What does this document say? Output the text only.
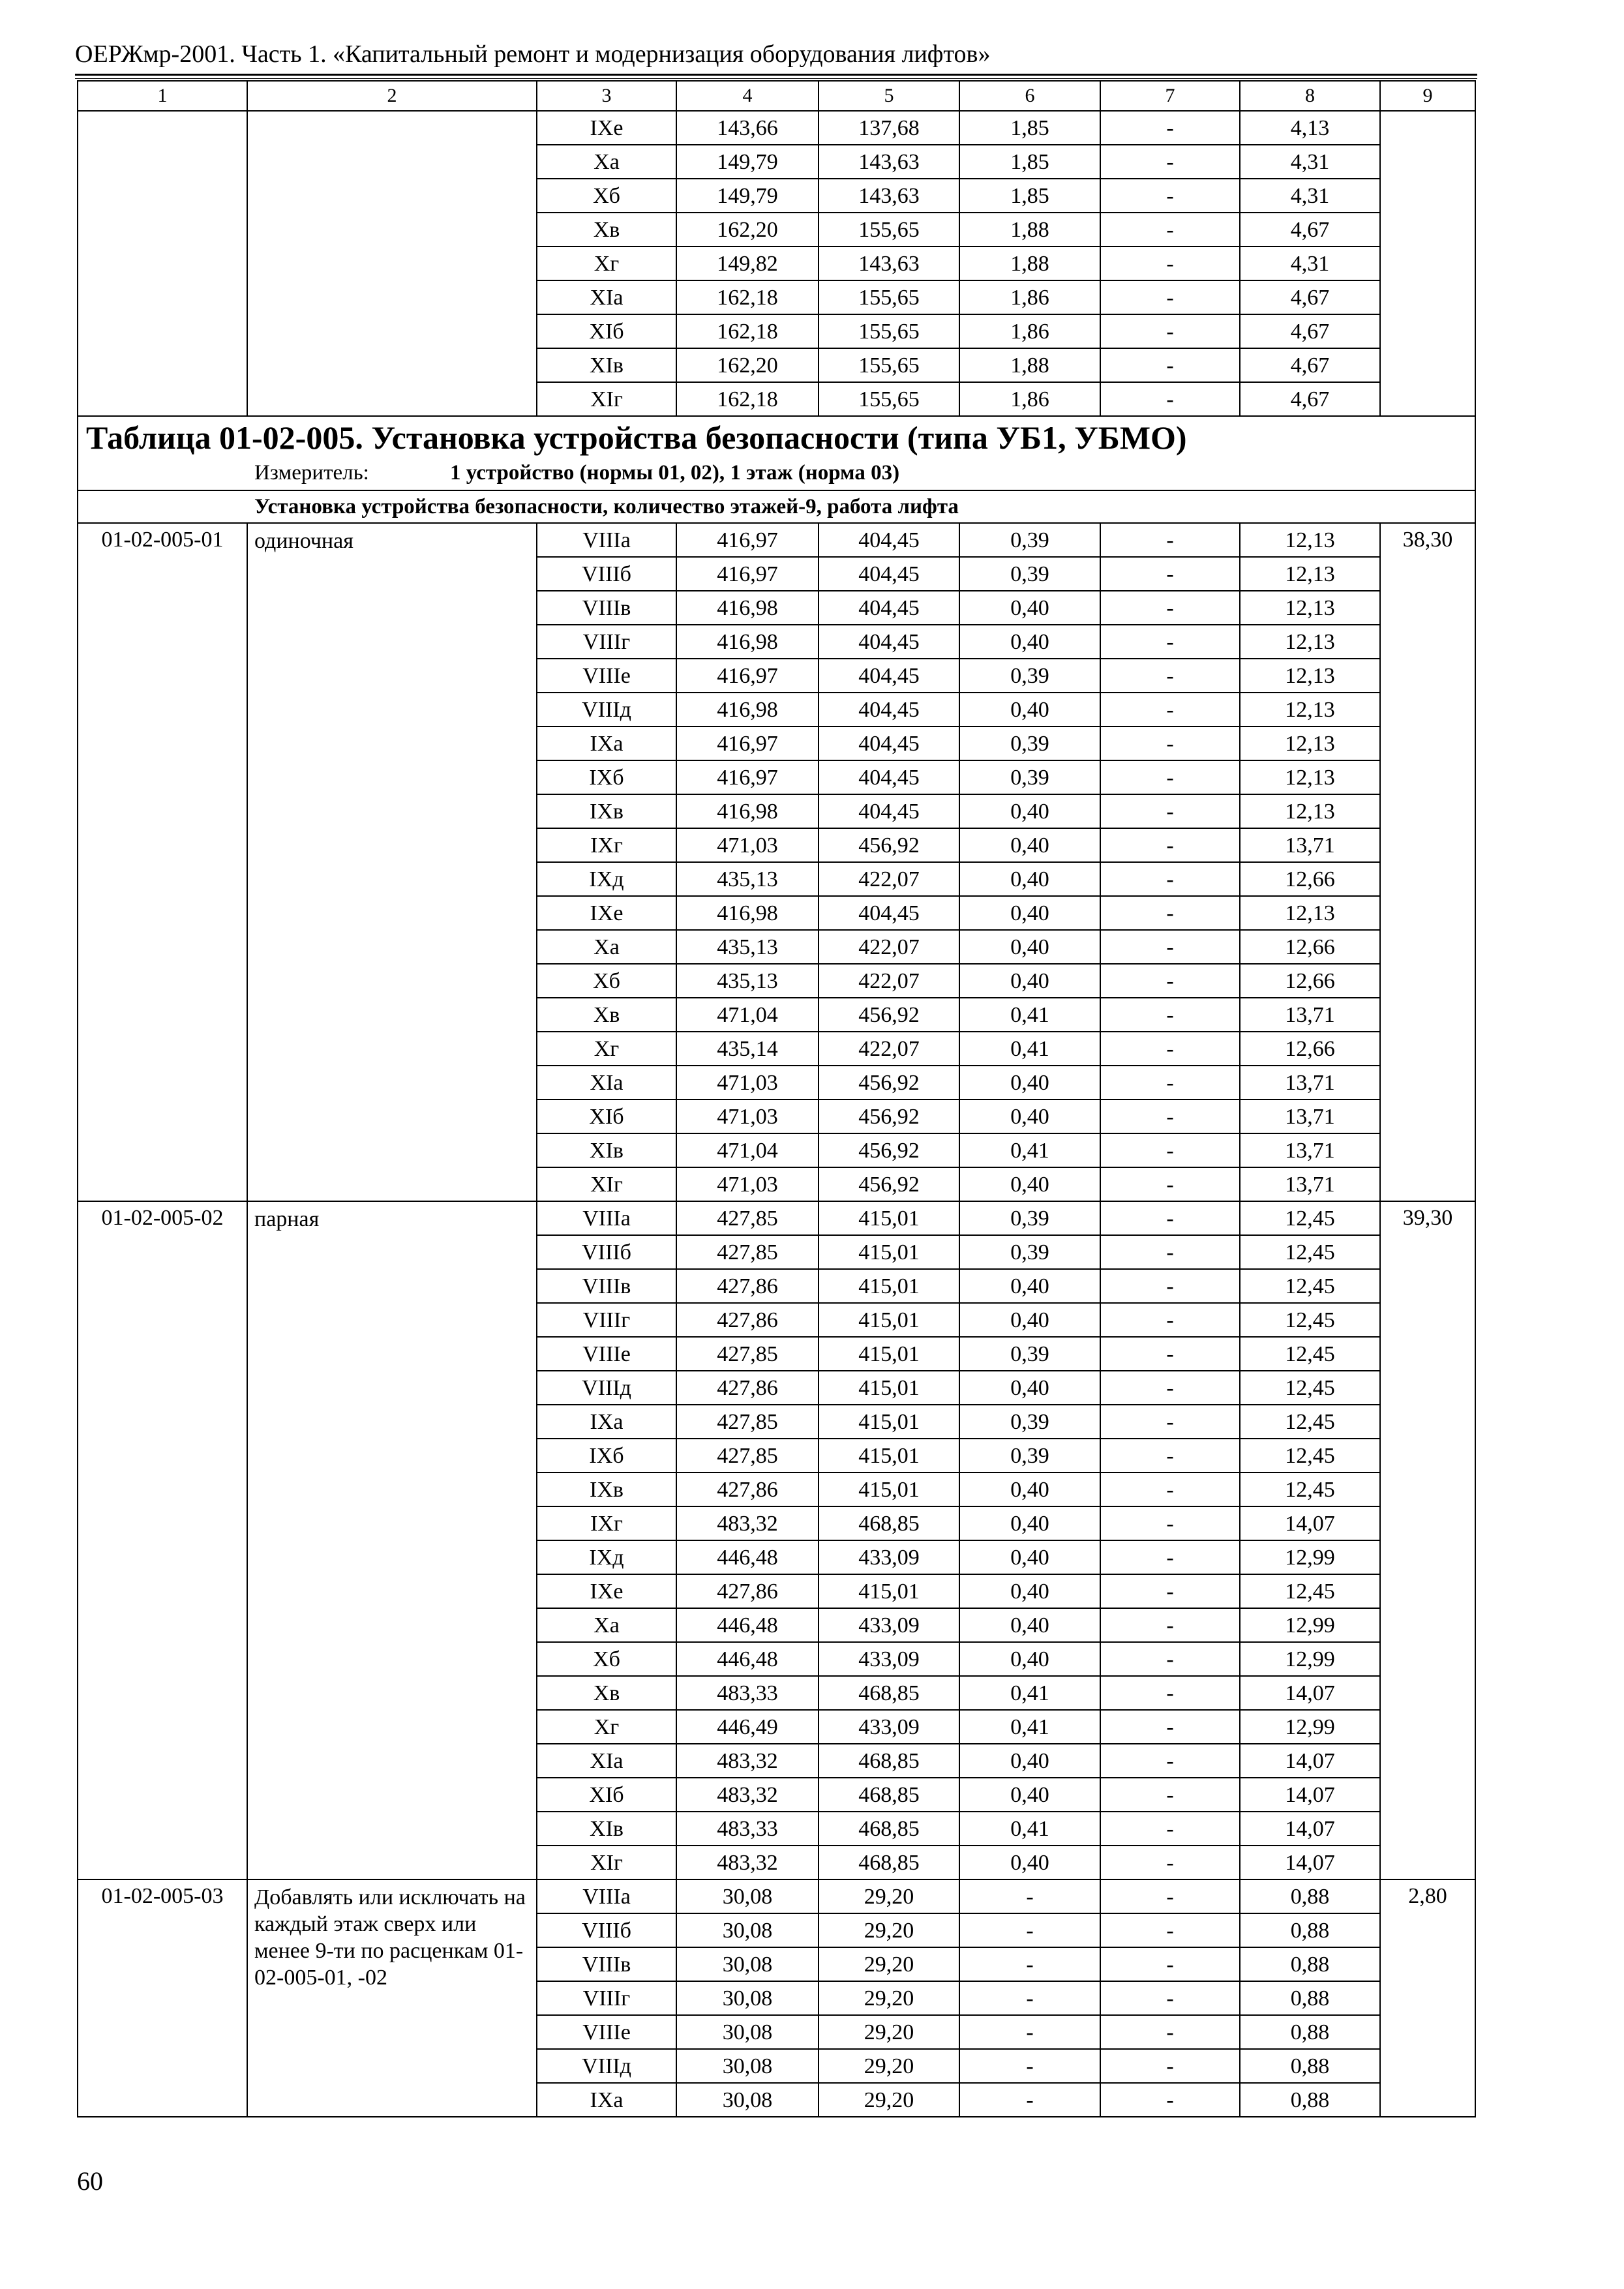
ОЕРЖмр-2001. Часть 1. «Капитальный ремонт и модернизация оборудования лифтов»
1	2	3	4	5	6	7	8	9
		IXе	143,66	137,68	1,85	-	4,13	
		Xа	149,79	143,63	1,85	-	4,31	
		Xб	149,79	143,63	1,85	-	4,31	
		Xв	162,20	155,65	1,88	-	4,67	
		Xг	149,82	143,63	1,88	-	4,31	
		XIа	162,18	155,65	1,86	-	4,67	
		XIб	162,18	155,65	1,86	-	4,67	
		XIв	162,20	155,65	1,88	-	4,67	
		XIг	162,18	155,65	1,86	-	4,67	

Таблица 01-02-005. Установка устройства безопасности (типа УБ1, УБМО)
Измеритель: 1 устройство (нормы 01, 02), 1 этаж (норма 03)								

Установка устройства безопасности, количество этажей-9, работа лифта								
01-02-005-01	одиночная	VIIIа	416,97	404,45	0,39	-	12,13	38,30
		VIIIб	416,97	404,45	0,39	-	12,13	
		VIIIв	416,98	404,45	0,40	-	12,13	
		VIIIг	416,98	404,45	0,40	-	12,13	
		VIIIе	416,97	404,45	0,39	-	12,13	
		VIIIд	416,98	404,45	0,40	-	12,13	
		IXа	416,97	404,45	0,39	-	12,13	
		IXб	416,97	404,45	0,39	-	12,13	
		IXв	416,98	404,45	0,40	-	12,13	
		IXг	471,03	456,92	0,40	-	13,71	
		IXд	435,13	422,07	0,40	-	12,66	
		IXе	416,98	404,45	0,40	-	12,13	
		Xа	435,13	422,07	0,40	-	12,66	
		Xб	435,13	422,07	0,40	-	12,66	
		Xв	471,04	456,92	0,41	-	13,71	
		Xг	435,14	422,07	0,41	-	12,66	
		XIа	471,03	456,92	0,40	-	13,71	
		XIб	471,03	456,92	0,40	-	13,71	
		XIв	471,04	456,92	0,41	-	13,71	
		XIг	471,03	456,92	0,40	-	13,71	
01-02-005-02	парная	VIIIа	427,85	415,01	0,39	-	12,45	39,30
		VIIIб	427,85	415,01	0,39	-	12,45	
		VIIIв	427,86	415,01	0,40	-	12,45	
		VIIIг	427,86	415,01	0,40	-	12,45	
		VIIIе	427,85	415,01	0,39	-	12,45	
		VIIIд	427,86	415,01	0,40	-	12,45	
		IXа	427,85	415,01	0,39	-	12,45	
		IXб	427,85	415,01	0,39	-	12,45	
		IXв	427,86	415,01	0,40	-	12,45	
		IXг	483,32	468,85	0,40	-	14,07	
		IXд	446,48	433,09	0,40	-	12,99	
		IXе	427,86	415,01	0,40	-	12,45	
		Xа	446,48	433,09	0,40	-	12,99	
		Xб	446,48	433,09	0,40	-	12,99	
		Xв	483,33	468,85	0,41	-	14,07	
		Xг	446,49	433,09	0,41	-	12,99	
		XIа	483,32	468,85	0,40	-	14,07	
		XIб	483,32	468,85	0,40	-	14,07	
		XIв	483,33	468,85	0,41	-	14,07	
		XIг	483,32	468,85	0,40	-	14,07	
01-02-005-03	Добавлять или исключать на каждый этаж сверх или менее 9-ти по расценкам 01-02-005-01, -02	VIIIа	30,08	29,20	-	-	0,88	2,80
		VIIIб	30,08	29,20	-	-	0,88	
		VIIIв	30,08	29,20	-	-	0,88	
		VIIIг	30,08	29,20	-	-	0,88	
		VIIIе	30,08	29,20	-	-	0,88	
		VIIIд	30,08	29,20	-	-	0,88	
		IXа	30,08	29,20	-	-	0,88	
60
